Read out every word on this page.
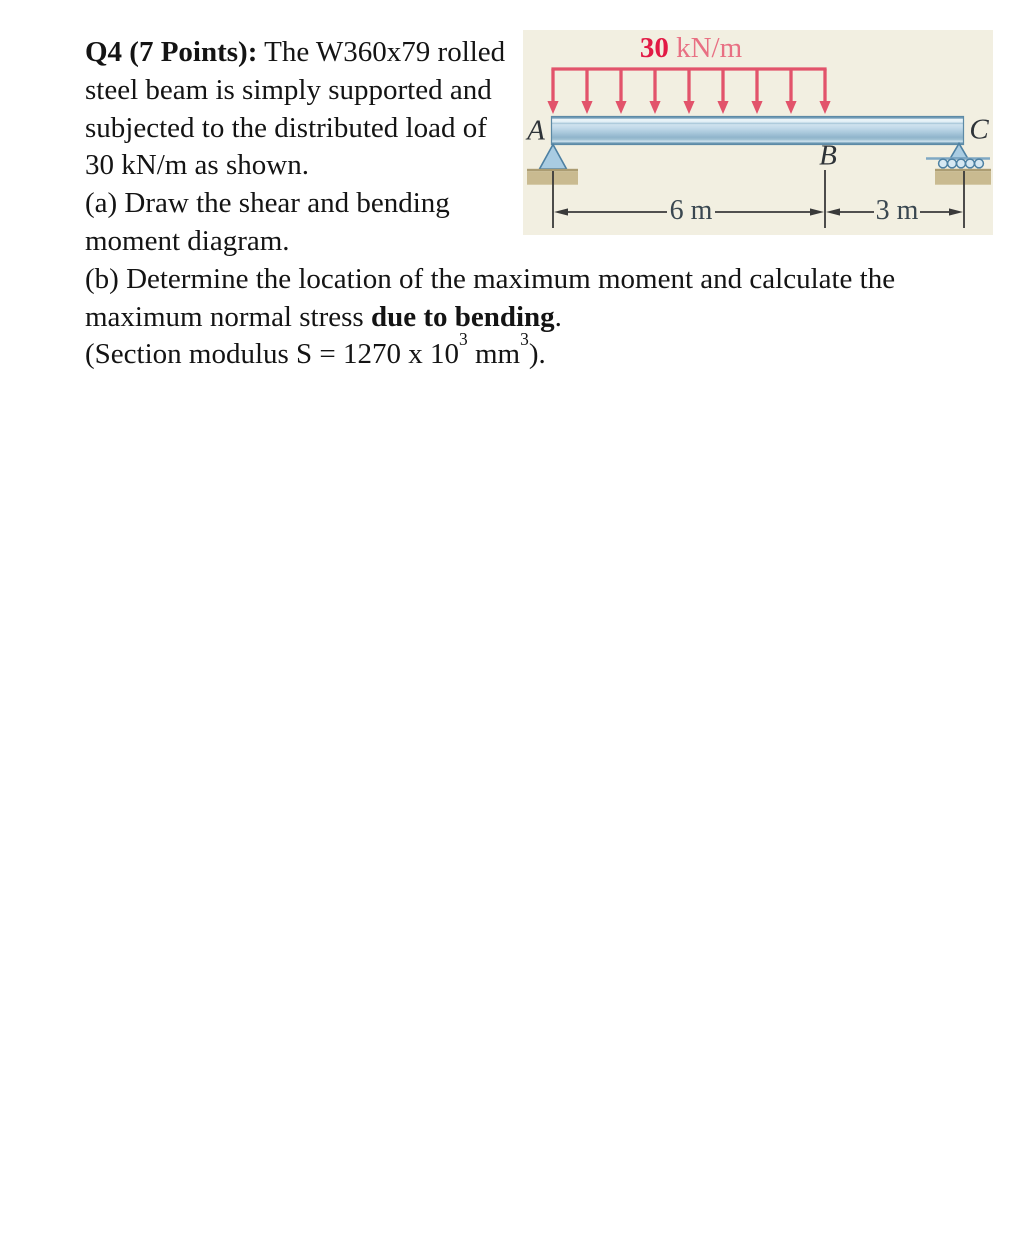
Q4 (7 Points): The W360x79 rolled
steel beam is simply supported and
subjected to the distributed load of
30 kN/m as shown.
(a) Draw the shear and bending
moment diagram.
(b) Determine the location of the maximum moment and calculate the
maximum normal stress due to bending.
(Section modulus S = 1270 x $10^3$ $mm^3$).
30 kN/m
A
B
C
6 m	3 m
